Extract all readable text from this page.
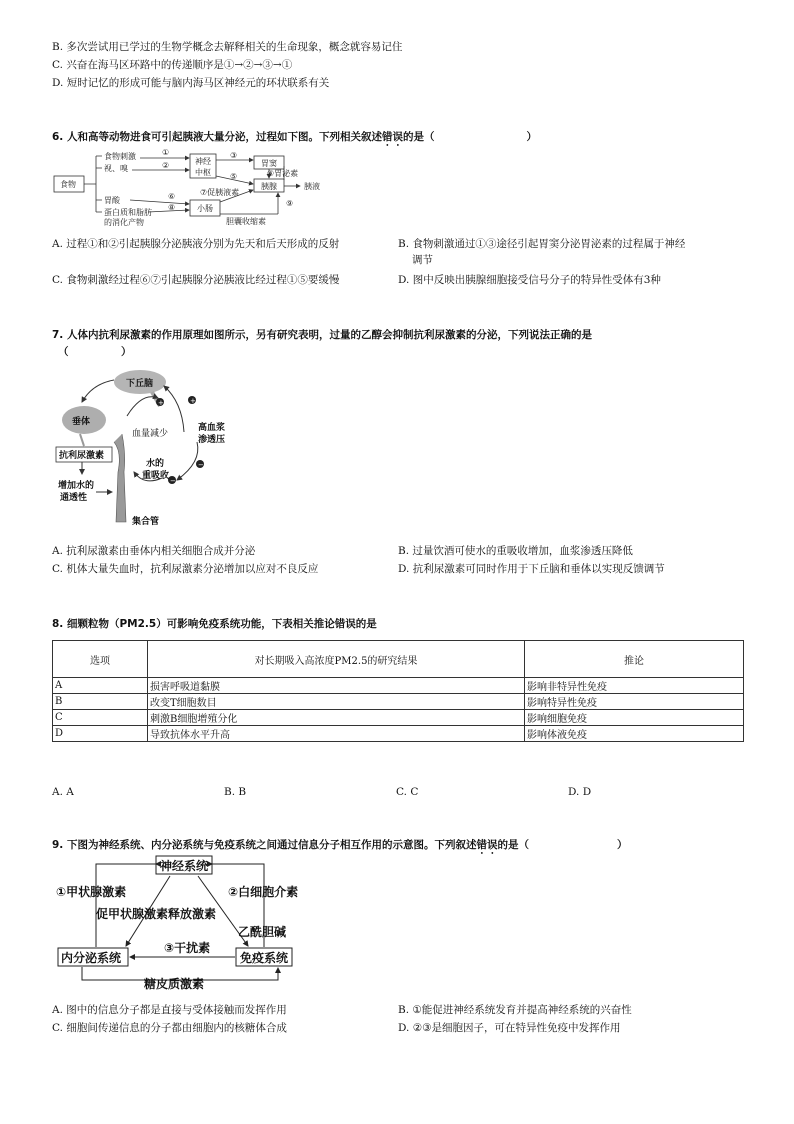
B. 多次尝试用已学过的生物学概念去解释相关的生命现象，概念就容易记住
C. 兴奋在海马区环路中的传递顺序是①→②→③→①
D. 短时记忆的形成可能与脑内海马区神经元的环状联系有关
6. 人和高等动物进食可引起胰液大量分泌，过程如下图。下列相关叙述错误的是（	）
食物
食物刺激
视、嗅
胃酸
蛋白质和脂肪
的消化产物
神经
中枢
胃窦
胰腺
小肠
④胃泌素
⑦促胰液素
胆囊收缩素
胰液
①
②
③
⑤
⑥
⑧	⑨
A. 过程①和②引起胰腺分泌胰液分别为先天和后天形成的反射	B. 食物刺激通过①③途径引起胃窦分泌胃泌素的过程属于神经
调节
C. 食物刺激经过程⑥⑦引起胰腺分泌胰液比经过程①⑤要缓慢	D. 图中反映出胰腺细胞接受信号分子的特异性受体有3种
7. 人体内抗利尿激素的作用原理如图所示，另有研究表明，过量的乙醇会抑制抗利尿激素的分泌，下列说法正确的是
（　　　　　）
+	+
−
−
下丘脑
垂体
抗利尿激素
血量减少
高血浆
渗透压
水的
重吸收
增加水的
通透性
集合管
A. 抗利尿激素由垂体内相关细胞合成并分泌	B. 过量饮酒可使水的重吸收增加，血浆渗透压降低
C. 机体大量失血时，抗利尿激素分泌增加以应对不良反应	D. 抗利尿激素可同时作用于下丘脑和垂体以实现反馈调节
8. 细颗粒物（PM2.5）可影响免疫系统功能，下表相关推论错误的是
选项	对长期吸入高浓度PM2.5的研究结果	推论
A	损害呼吸道黏膜	影响非特异性免疫
B	改变T细胞数目	影响特异性免疫
C	刺激B细胞增殖分化	影响细胞免疫
D	导致抗体水平升高	影响体液免疫
A. A	B. B	C. C	D. D
9. 下图为神经系统、内分泌系统与免疫系统之间通过信息分子相互作用的示意图。下列叙述错误的是（	）
神经系统
内分泌系统	免疫系统
①甲状腺激素	②白细胞介素
促甲状腺激素释放激素
乙酰胆碱
③干扰素
糖皮质激素
A. 图中的信息分子都是直接与受体接触而发挥作用	B. ①能促进神经系统发育并提高神经系统的兴奋性
C. 细胞间传递信息的分子都由细胞内的核糖体合成	D. ②③是细胞因子，可在特异性免疫中发挥作用
